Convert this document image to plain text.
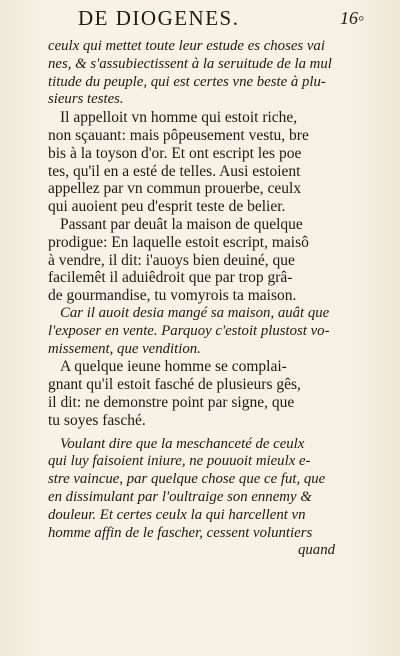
DE DIOGENES.	16◦
ceulx qui mettet toute leur estude es choses vai
nes, & s'assubiectissent à la seruitude de la mul
titude du peuple, qui est certes vne beste à plu-
sieurs testes.
Il appelloit vn homme qui estoit riche,
non sçauant: mais pôpeusement vestu, bre
bis à la toyson d'or. Et ont escript les poe
tes, qu'il en a esté de telles. Ausi estoient
appellez par vn commun prouerbe, ceulx
qui auoient peu d'esprit teste de belier.
Passant par deuât la maison de quelque
prodigue: En laquelle estoit escript, maisô
à vendre, il dit: i'auoys bien deuiné, que
facilemêt il aduiêdroit que par trop grâ-
de gourmandise, tu vomyrois ta maison.
Car il auoit desia mangé sa maison, auât que
l'exposer en vente. Parquoy c'estoit plustost vo-
missement, que vendition.
A quelque ieune homme se complai-
gnant qu'il estoit fasché de plusieurs gês,
il dit: ne demonstre point par signe, que
tu soyes fasché.
Voulant dire que la meschanceté de ceulx
qui luy faisoient iniure, ne pouuoit mieulx e-
stre vaincue, par quelque chose que ce fut, que
en dissimulant par l'oultraige son ennemy &
douleur. Et certes ceulx la qui harcellent vn
homme affin de le fascher, cessent voluntiers
quand
